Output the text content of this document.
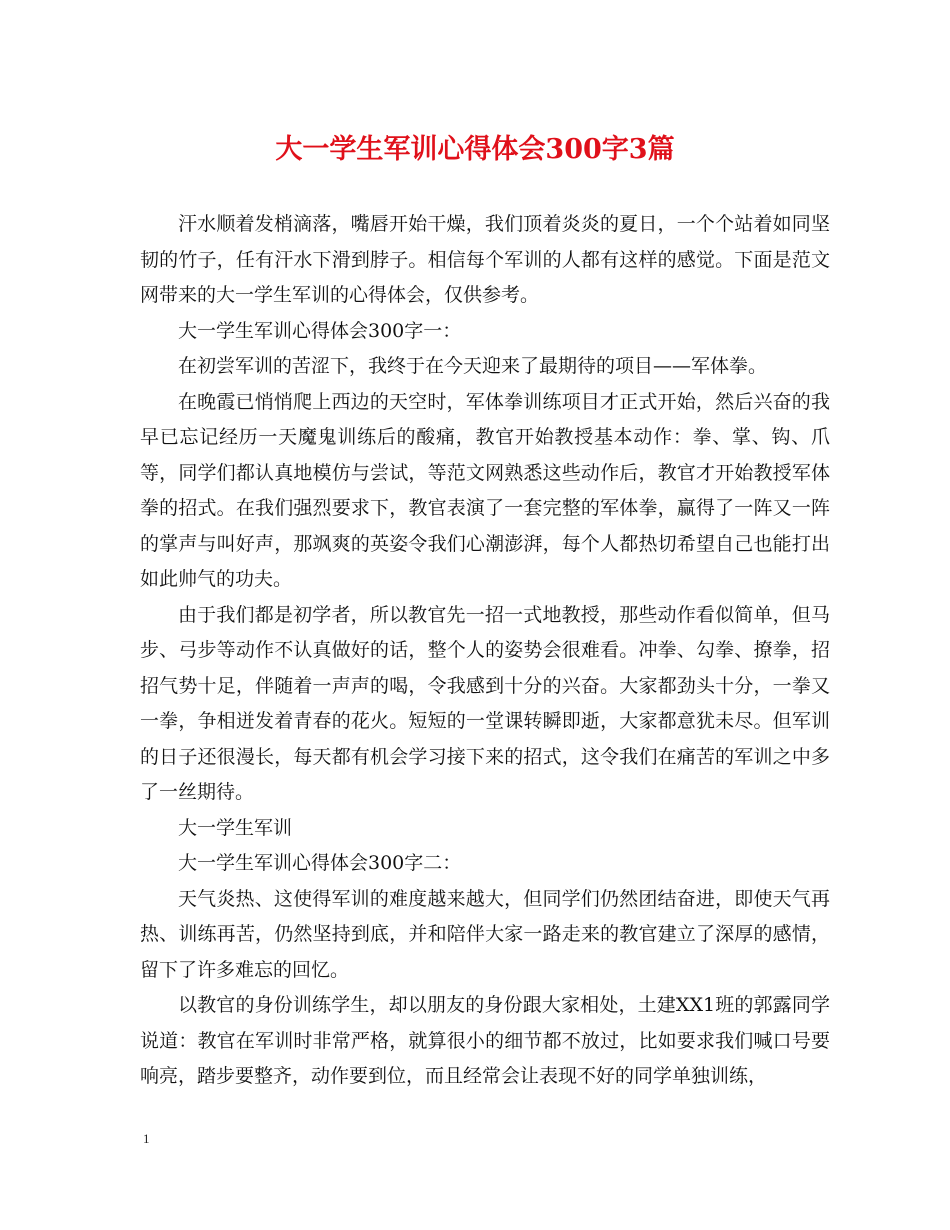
大一学生军训心得体会300字3篇

汗水顺着发梢滴落，嘴唇开始干燥，我们顶着炎炎的夏日，一个个站着如同坚韧的竹子，任有汗水下滑到脖子。相信每个军训的人都有这样的感觉。下面是范文网带来的大一学生军训的心得体会，仅供参考。

大一学生军训心得体会300字一：

在初尝军训的苦涩下，我终于在今天迎来了最期待的项目——军体拳。

在晚霞已悄悄爬上西边的天空时，军体拳训练项目才正式开始，然后兴奋的我早已忘记经历一天魔鬼训练后的酸痛，教官开始教授基本动作：拳、掌、钩、爪等，同学们都认真地模仿与尝试，等范文网熟悉这些动作后，教官才开始教授军体拳的招式。在我们强烈要求下，教官表演了一套完整的军体拳，赢得了一阵又一阵的掌声与叫好声，那飒爽的英姿令我们心潮澎湃，每个人都热切希望自己也能打出如此帅气的功夫。

由于我们都是初学者，所以教官先一招一式地教授，那些动作看似简单，但马步、弓步等动作不认真做好的话，整个人的姿势会很难看。冲拳、勾拳、撩拳，招招气势十足，伴随着一声声的喝，令我感到十分的兴奋。大家都劲头十分，一拳又一拳，争相迸发着青春的花火。短短的一堂课转瞬即逝，大家都意犹未尽。但军训的日子还很漫长，每天都有机会学习接下来的招式，这令我们在痛苦的军训之中多了一丝期待。

大一学生军训

大一学生军训心得体会300字二：

天气炎热、这使得军训的难度越来越大，但同学们仍然团结奋进，即使天气再热、训练再苦，仍然坚持到底，并和陪伴大家一路走来的教官建立了深厚的感情，留下了许多难忘的回忆。

以教官的身份训练学生，却以朋友的身份跟大家相处，土建XX1班的郭露同学说道：教官在军训时非常严格，就算很小的细节都不放过，比如要求我们喊口号要响亮，踏步要整齐，动作要到位，而且经常会让表现不好的同学单独训练，

1
